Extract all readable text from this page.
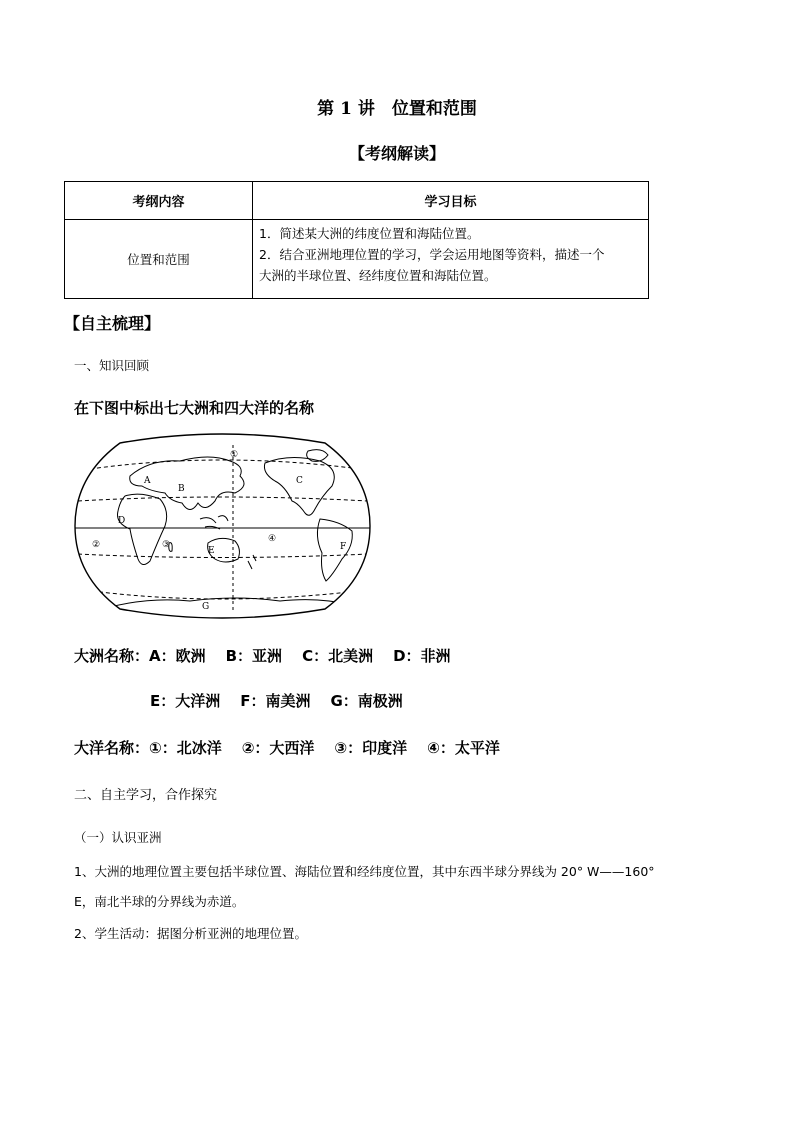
第 1 讲　位置和范围
【考纲解读】
考纲内容	学习目标
位置和范围	1．简述某大洲的纬度位置和海陆位置。
2．结合亚洲地理位置的学习，学会运用地图等资料，描述一个
大洲的半球位置、经纬度位置和海陆位置。
【自主梳理】
一、知识回顾
在下图中标出七大洲和四大洋的名称
A
B
C
D
E	F
G
①
②	③
④
大洲名称：A：欧洲 B：亚洲 C：北美洲 D：非洲
E：大洋洲 F：南美洲 G：南极洲
大洋名称：①：北冰洋 ②：大西洋 ③：印度洋 ④：太平洋
二、自主学习，合作探究
（一）认识亚洲
1、大洲的地理位置主要包括半球位置、海陆位置和经纬度位置，其中东西半球分界线为 20° W——160°
E，南北半球的分界线为赤道。
2、学生活动：据图分析亚洲的地理位置。
